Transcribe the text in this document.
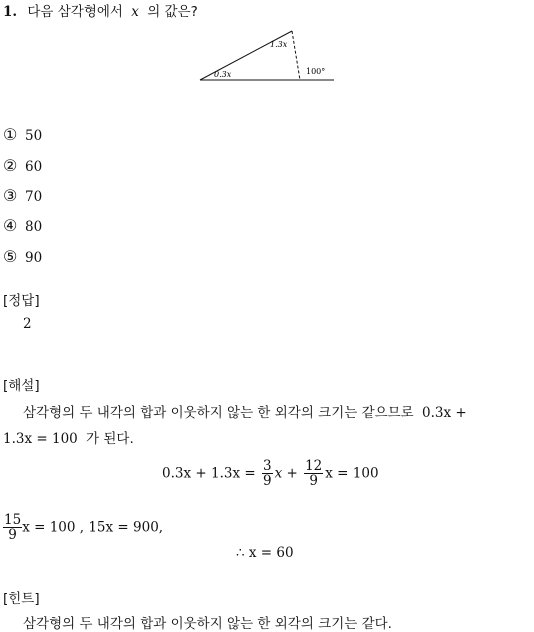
1. 다음 삼각형에서 x 의 값은?
1.3x
0.3x	100°
① 50
② 60
③ 70
④ 80
⑤ 90
[정답]
2
[해설]
삼각형의 두 내각의 합과 이웃하지 않는 한 외각의 크기는 같으므로 0.3x +
1.3x = 100 가 된다.
$0.3x + 1.3x = \frac{3}{9}$ $x + \frac{12}{9}$ x = 100
$\frac{15}{9}$ x = 100 , 15x = 900,
∴ x = 60
[힌트]
삼각형의 두 내각의 합과 이웃하지 않는 한 외각의 크기는 같다.
